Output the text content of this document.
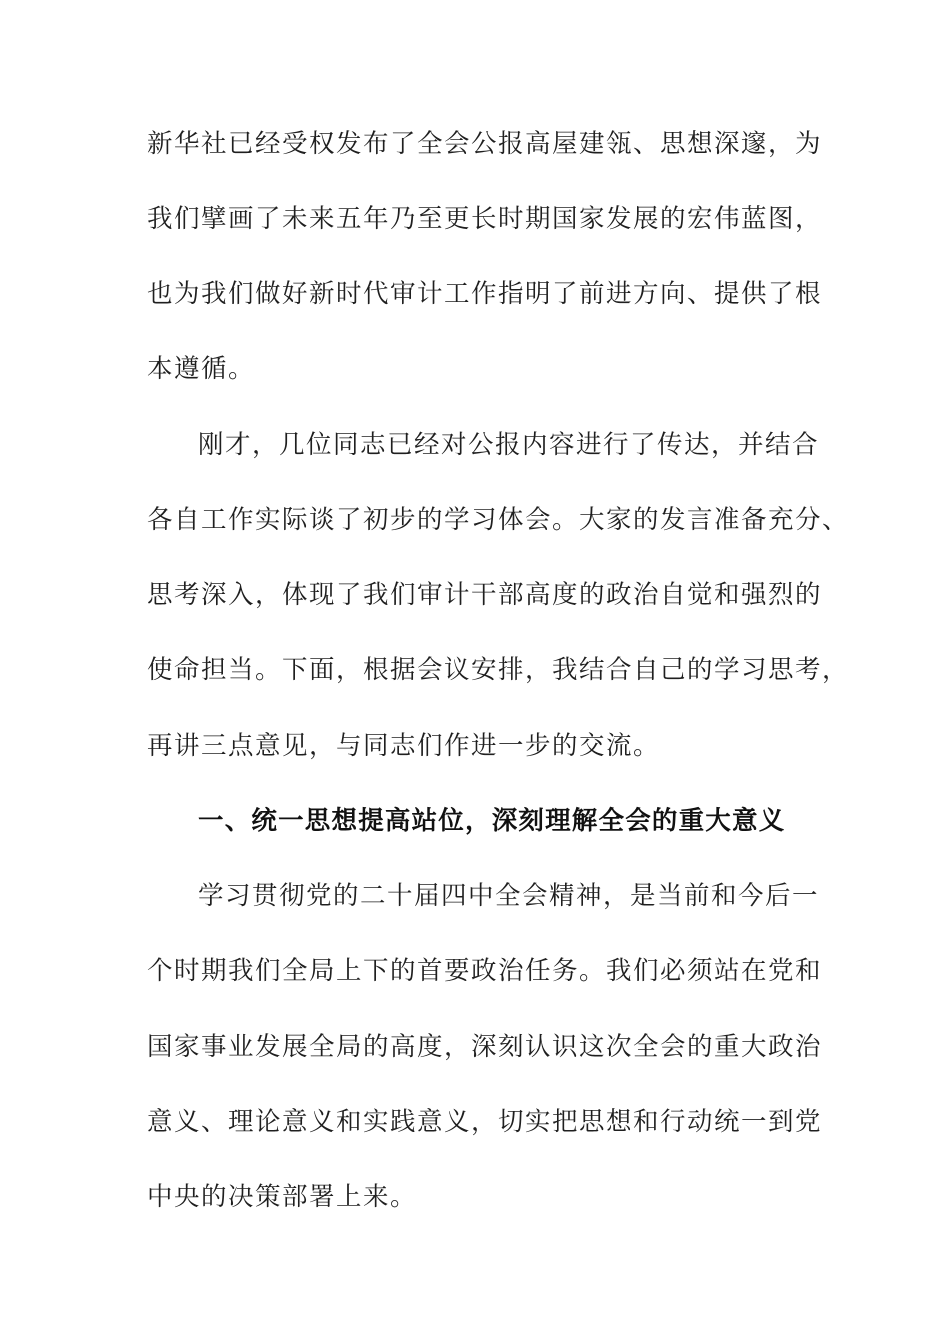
新华社已经受权发布了全会公报高屋建瓴、思想深邃，为

我们擘画了未来五年乃至更长时期国家发展的宏伟蓝图，

也为我们做好新时代审计工作指明了前进方向、提供了根

本遵循。

刚才，几位同志已经对公报内容进行了传达，并结合

各自工作实际谈了初步的学习体会。大家的发言准备充分、

思考深入，体现了我们审计干部高度的政治自觉和强烈的

使命担当。下面，根据会议安排，我结合自己的学习思考，

再讲三点意见，与同志们作进一步的交流。

一、统一思想提高站位，深刻理解全会的重大意义

学习贯彻党的二十届四中全会精神，是当前和今后一

个时期我们全局上下的首要政治任务。我们必须站在党和

国家事业发展全局的高度，深刻认识这次全会的重大政治

意义、理论意义和实践意义，切实把思想和行动统一到党

中央的决策部署上来。
